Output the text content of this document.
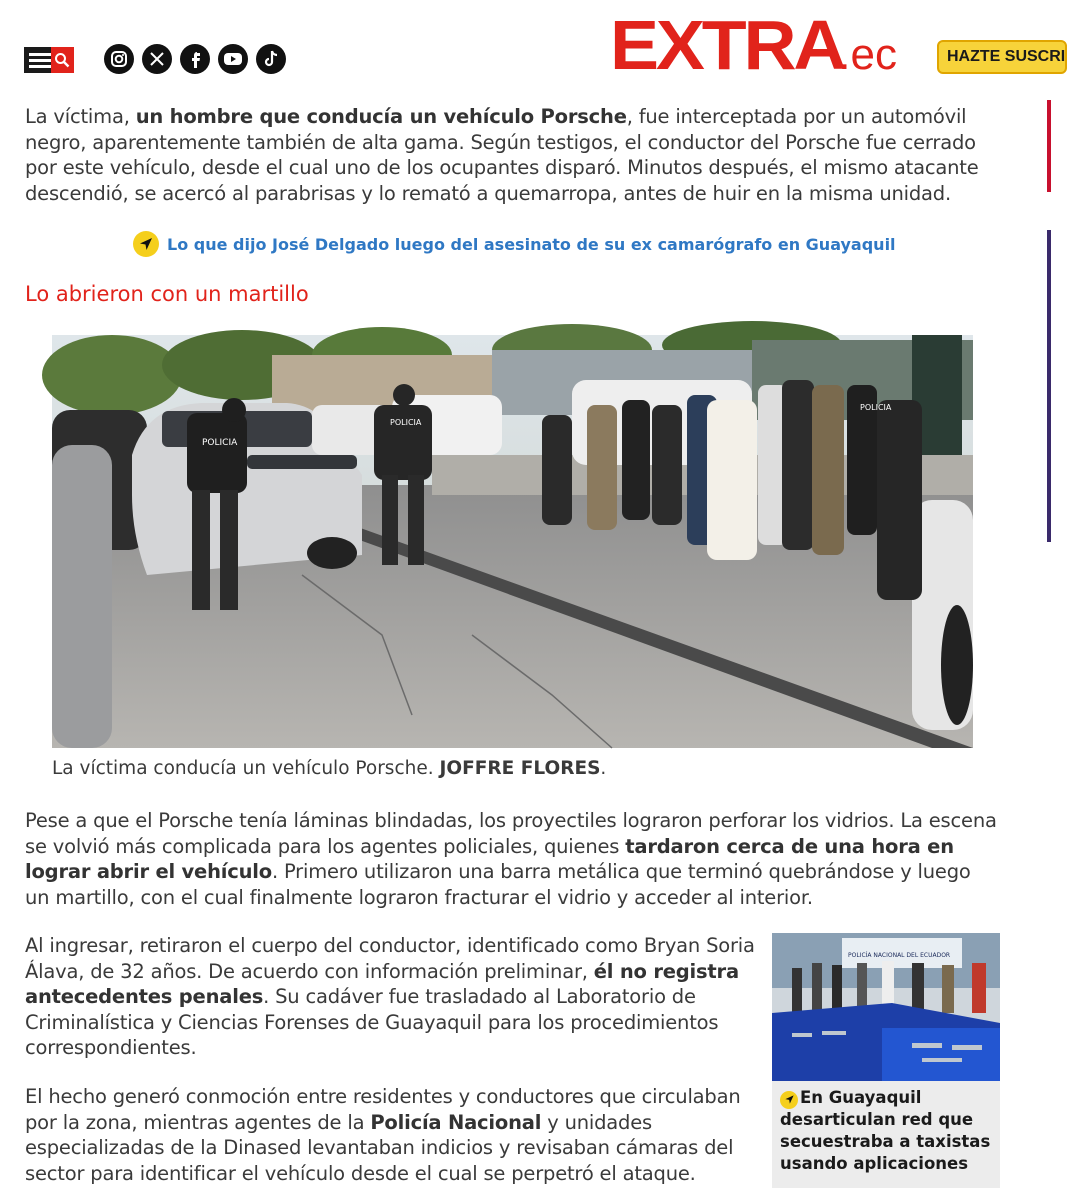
EXTRA
.ec	HAZTE SUSCRI

La víctima, un hombre que conducía un vehículo Porsche, fue interceptada por un automóvil negro, aparentemente también de alta gama. Según testigos, el conductor del Porsche fue cerrado por este vehículo, desde el cual uno de los ocupantes disparó. Minutos después, el mismo atacante descendió, se acercó al parabrisas y lo remató a quemarropa, antes de huir en la misma unidad.

Lo que dijo José Delgado luego del asesinato de su ex camarógrafo en Guayaquil
Lo abrieron con un martillo
POLICIA
POLICIA
POLICIA

La víctima conducía un vehículo Porsche. JOFFRE FLORES.

Pese a que el Porsche tenía láminas blindadas, los proyectiles lograron perforar los vidrios. La escena se volvió más complicada para los agentes policiales, quienes tardaron cerca de una hora en lograr abrir el vehículo. Primero utilizaron una barra metálica que terminó quebrándose y luego un martillo, con el cual finalmente lograron fracturar el vidrio y acceder al interior.

Al ingresar, retiraron el cuerpo del conductor, identificado como Bryan Soria Álava, de 32 años. De acuerdo con información preliminar, él no registra antecedentes penales. Su cadáver fue trasladado al Laboratorio de Criminalística y Ciencias Forenses de Guayaquil para los procedimientos correspondientes.

El hecho generó conmoción entre residentes y conductores que circulaban por la zona, mientras agentes de la Policía Nacional y unidades especializadas de la Dinased levantaban indicios y revisaban cámaras del sector para identificar el vehículo desde el cual se perpetró el ataque.

POLICÍA NACIONAL DEL ECUADOR
En Guayaquil desarticulan red que secuestraba a taxistas usando aplicaciones
